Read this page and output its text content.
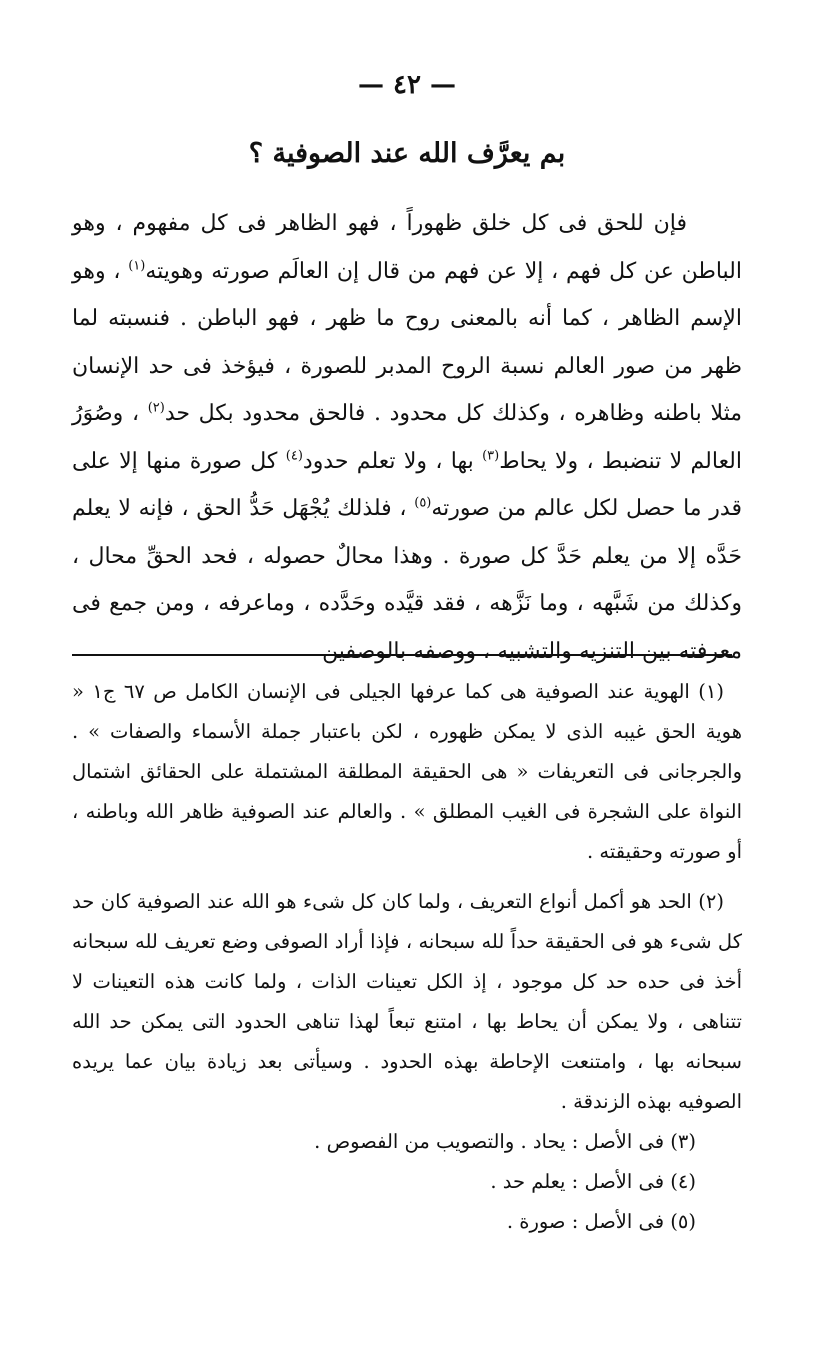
— ٤٢ —
بم يعرَّف الله عند الصوفية ؟

فإن للحق فى كل خلق ظهوراً ، فهو الظاهر فى كل مفهوم ، وهو الباطن عن كل فهم ، إلا عن فهم من قال إن العالَم صورته وهويته$^{(١)}$ ، وهو الإسم الظاهر ، كما أنه بالمعنى روح ما ظهر ، فهو الباطن . فنسبته لما ظهر من صور العالم نسبة الروح المدبر للصورة ، فيؤخذ فى حد الإنسان مثلا باطنه وظاهره ، وكذلك كل محدود . فالحق محدود بكل حد$^{(٢)}$ ، وصُوَرُ العالم لا تنضبط ، ولا يحاط$^{(٣)}$ بها ، ولا تعلم حدود$^{(٤)}$ كل صورة منها إلا على قدر ما حصل لكل عالم من صورته$^{(٥)}$ ، فلذلك يُجْهَل حَدُّ الحق ، فإنه لا يعلم حَدَّه إلا من يعلم حَدَّ كل صورة . وهذا محالٌ حصوله ، فحد الحقِّ محال ، وكذلك من شَبَّهه ، وما نَزَّهه ، فقد قيَّده وحَدَّده ، وماعرفه ، ومن جمع فى معرفته بين التنزيه والتشبيه ، ووصفه بالوصفين

(١) الهوية عند الصوفية هى كما عرفها الجيلى فى الإنسان الكامل ص ٦٧ ج١ « هوية الحق غيبه الذى لا يمكن ظهوره ، لكن باعتبار جملة الأسماء والصفات » . والجرجانى فى التعريفات « هى الحقيقة المطلقة المشتملة على الحقائق اشتمال النواة على الشجرة فى الغيب المطلق » . والعالم عند الصوفية ظاهر الله وباطنه ، أو صورته وحقيقته .

(٢) الحد هو أكمل أنواع التعريف ، ولما كان كل شىء هو الله عند الصوفية كان حد كل شىء هو فى الحقيقة حداً لله سبحانه ، فإذا أراد الصوفى وضع تعريف لله سبحانه أخذ فى حده حد كل موجود ، إذ الكل تعينات الذات ، ولما كانت هذه التعينات لا تتناهى ، ولا يمكن أن يحاط بها ، امتنع تبعاً لهذا تناهى الحدود التى يمكن حد الله سبحانه بها ، وامتنعت الإحاطة بهذه الحدود . وسيأتى بعد زيادة بيان عما يريده الصوفيه بهذه الزندقة .

(٣) فى الأصل : يحاد . والتصويب من الفصوص .

(٤) فى الأصل : يعلم حد .

(٥) فى الأصل : صورة .
